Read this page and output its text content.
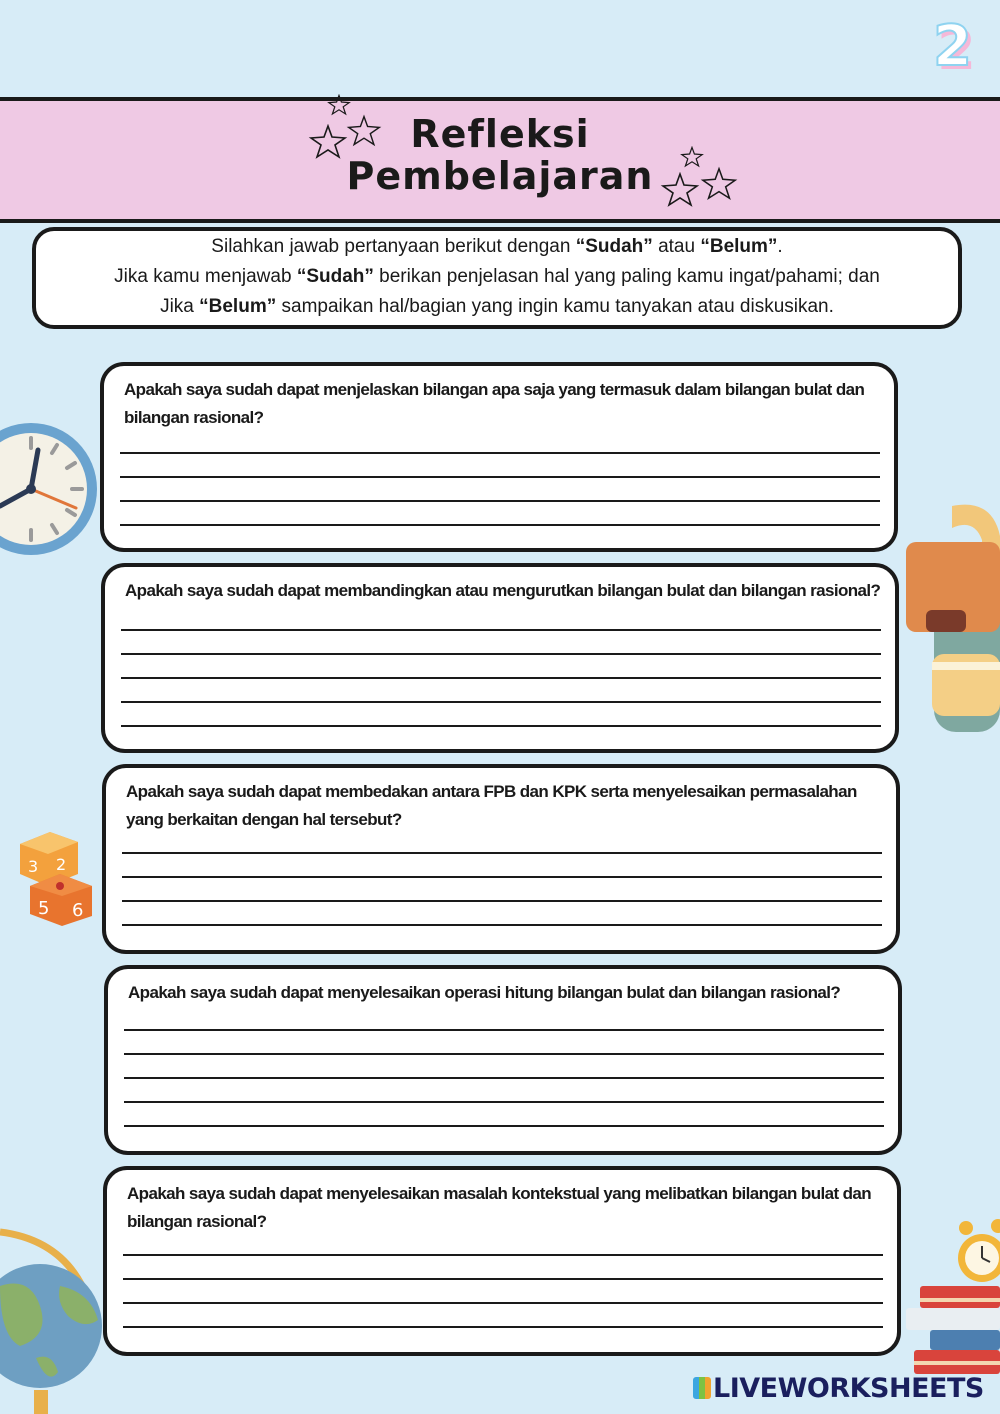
2
Refleksi
Pembelajaran
Silahkan jawab pertanyaan berikut dengan “Sudah” atau “Belum”.
Jika kamu menjawab “Sudah” berikan penjelasan hal yang paling kamu ingat/pahami; dan
Jika “Belum” sampaikan hal/bagian yang ingin kamu tanyakan atau diskusikan.
3 2
5 6
Apakah saya sudah dapat menjelaskan bilangan apa saja yang termasuk dalam bilangan bulat dan bilangan rasional?
Apakah saya sudah dapat membandingkan atau mengurutkan bilangan bulat dan bilangan rasional?
Apakah saya sudah dapat membedakan antara FPB dan KPK serta menyelesaikan permasalahan yang berkaitan dengan hal tersebut?
Apakah saya sudah dapat menyelesaikan operasi hitung bilangan bulat dan bilangan rasional?
Apakah saya sudah dapat menyelesaikan masalah kontekstual yang melibatkan bilangan bulat dan bilangan rasional?
LIVEWORKSHEETS
